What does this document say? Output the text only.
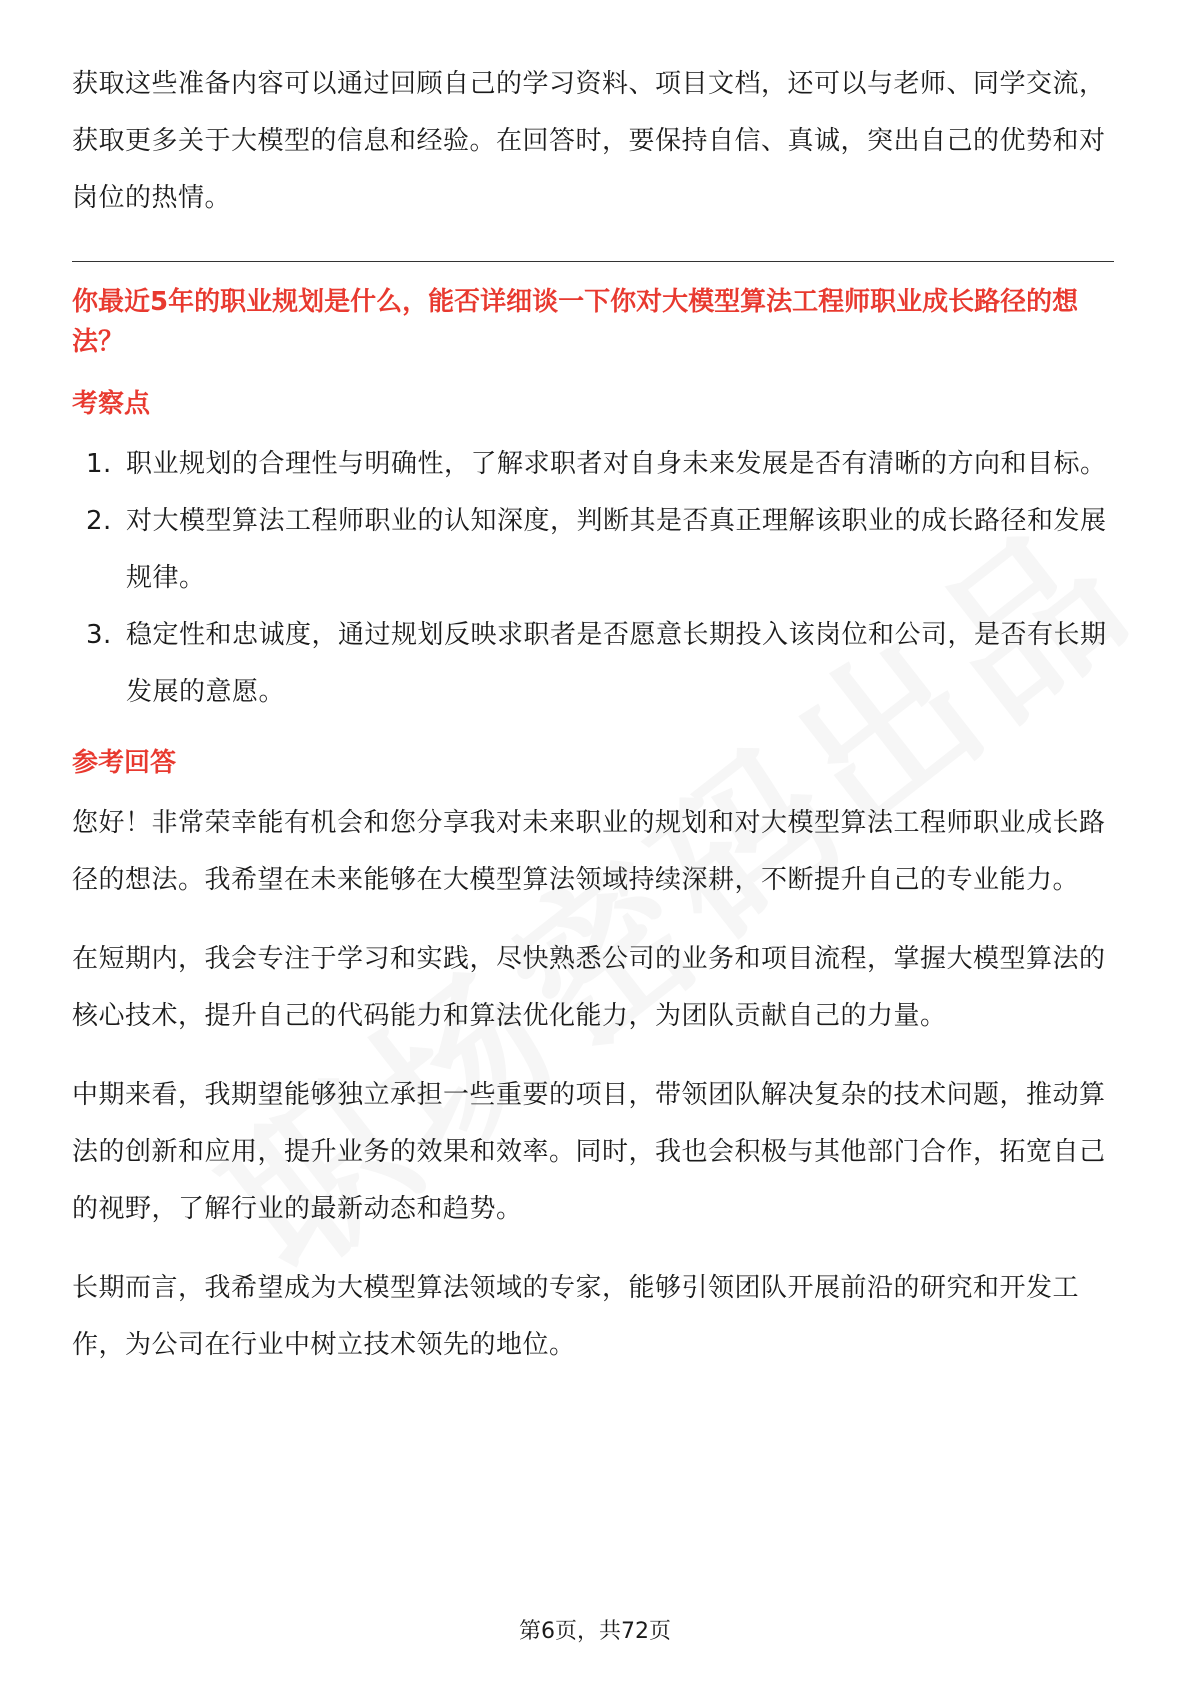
获取这些准备内容可以通过回顾自己的学习资料、项目文档，还可以与老师、同学交流，获取更多关于大模型的信息和经验。在回答时，要保持自信、真诚，突出自己的优势和对岗位的热情。

你最近5年的职业规划是什么，能否详细谈一下你对大模型算法工程师职业成长路径的想法？
考察点
1. 职业规划的合理性与明确性，了解求职者对自身未来发展是否有清晰的方向和目标。
2. 对大模型算法工程师职业的认知深度，判断其是否真正理解该职业的成长路径和发展规律。
3. 稳定性和忠诚度，通过规划反映求职者是否愿意长期投入该岗位和公司，是否有长期发展的意愿。
参考回答

您好！非常荣幸能有机会和您分享我对未来职业的规划和对大模型算法工程师职业成长路径的想法。我希望在未来能够在大模型算法领域持续深耕，不断提升自己的专业能力。

在短期内，我会专注于学习和实践，尽快熟悉公司的业务和项目流程，掌握大模型算法的核心技术，提升自己的代码能力和算法优化能力，为团队贡献自己的力量。

中期来看，我期望能够独立承担一些重要的项目，带领团队解决复杂的技术问题，推动算法的创新和应用，提升业务的效果和效率。同时，我也会积极与其他部门合作，拓宽自己的视野，了解行业的最新动态和趋势。

长期而言，我希望成为大模型算法领域的专家，能够引领团队开展前沿的研究和开发工作，为公司在行业中树立技术领先的地位。

第6页，共72页
